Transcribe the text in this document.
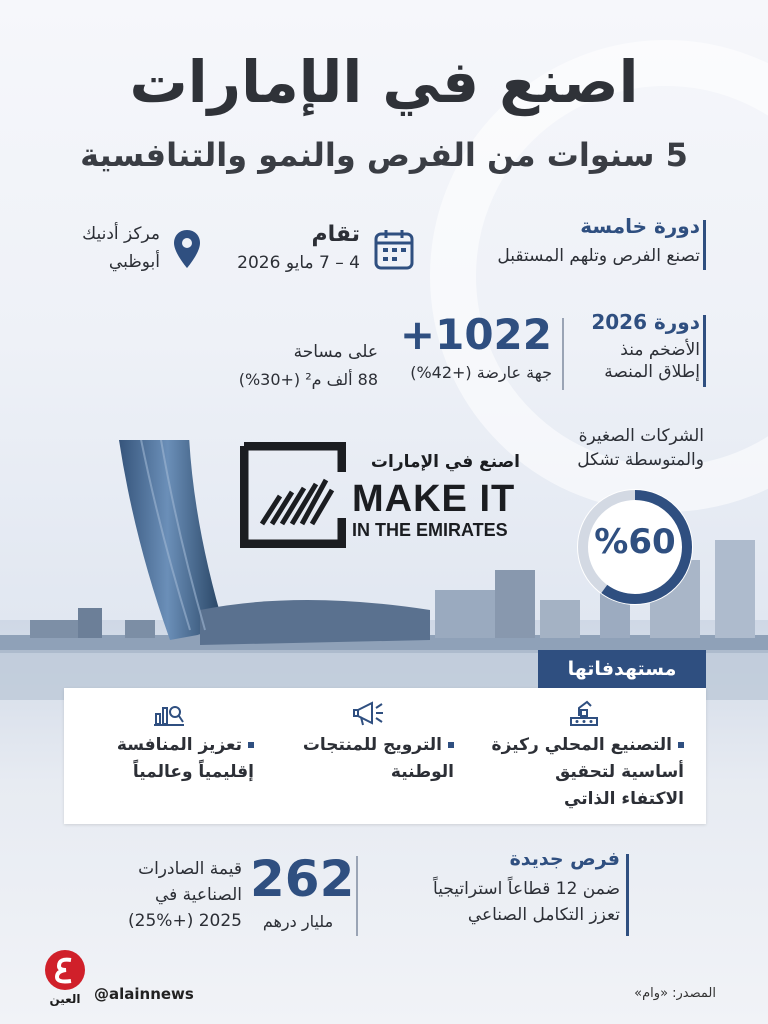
اصنع في الإمارات
5 سنوات من الفرص والنمو والتنافسية
دورة خامسة
تصنع الفرص وتلهم المستقبل
تقام
4 – 7 مايو 2026
مركز أدنيك
أبوظبي
دورة 2026
الأضخم منذ
إطلاق المنصة
+1022
جهة عارضة (+42%)
على مساحة
88 ألف م² (+30%)
اصنع في الإمارات
MAKE IT
IN THE EMIRATES
الشركات الصغيرة
والمتوسطة تشكل
%60
مستهدفاتها
التصنيع المحلي ركيزة
أساسية لتحقيق
الاكتفاء الذاتي
الترويج للمنتجات
الوطنية
تعزيز المنافسة
إقليمياً وعالمياً
فرص جديدة
ضمن 12 قطاعاً استراتيجياً
تعزز التكامل الصناعي
262
مليار درهم
قيمة الصادرات
الصناعية في
2025 (+25%)
العين @alainnews	المصدر: «وام»
